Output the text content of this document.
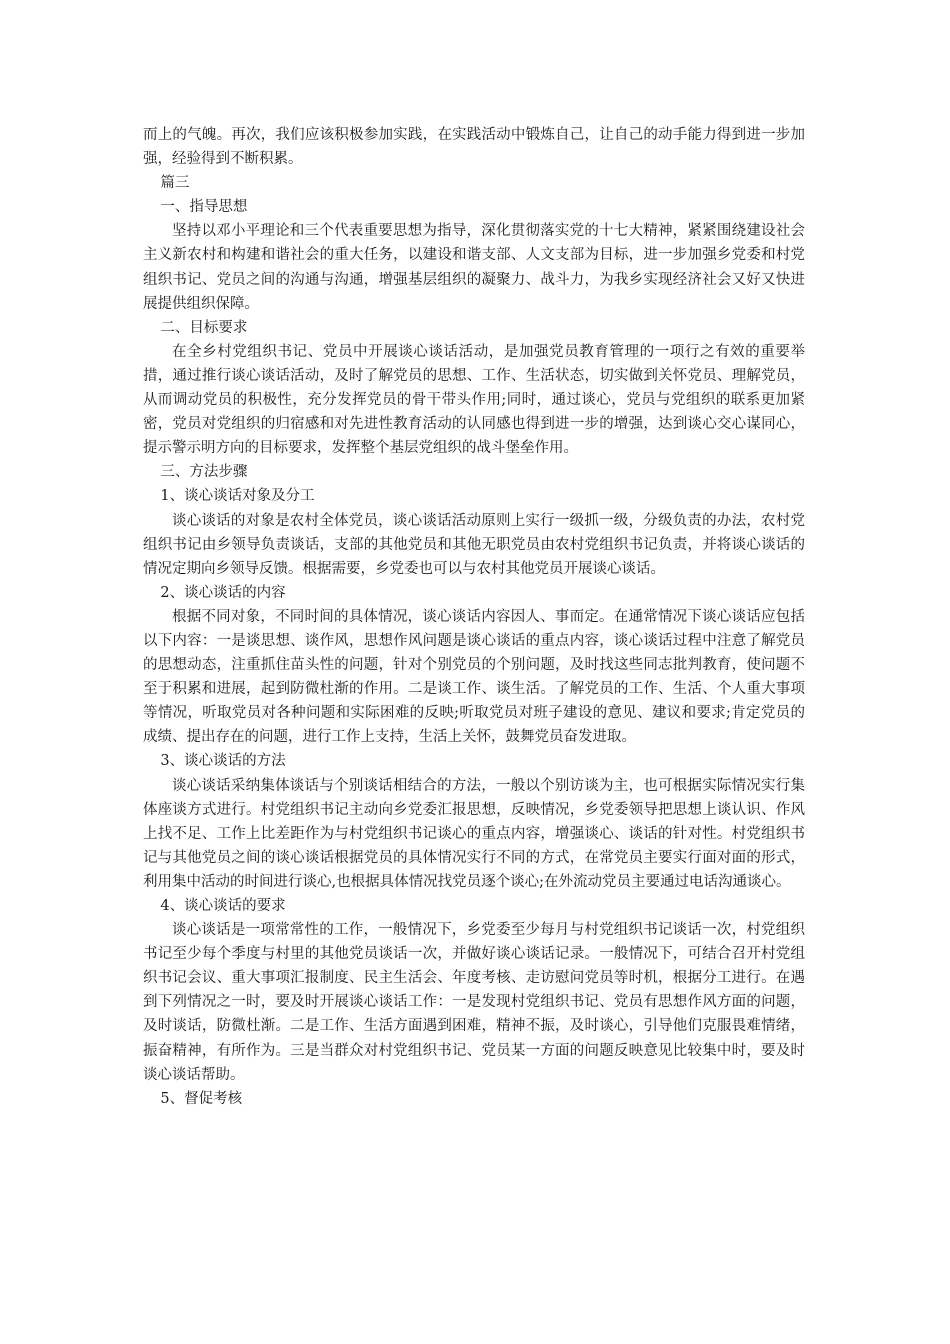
而上的气魄。再次，我们应该积极参加实践，在实践活动中锻炼自己，让自己的动手能力得到进一步加强，经验得到不断积累。

篇三

一、指导思想

坚持以邓小平理论和三个代表重要思想为指导，深化贯彻落实党的十七大精神，紧紧围绕建设社会主义新农村和构建和谐社会的重大任务，以建设和谐支部、人文支部为目标，进一步加强乡党委和村党组织书记、党员之间的沟通与沟通，增强基层组织的凝聚力、战斗力，为我乡实现经济社会又好又快进展提供组织保障。

二、目标要求

在全乡村党组织书记、党员中开展谈心谈话活动，是加强党员教育管理的一项行之有效的重要举措，通过推行谈心谈话活动，及时了解党员的思想、工作、生活状态，切实做到关怀党员、理解党员，从而调动党员的积极性，充分发挥党员的骨干带头作用;同时，通过谈心，党员与党组织的联系更加紧密，党员对党组织的归宿感和对先进性教育活动的认同感也得到进一步的增强，达到谈心交心谋同心，提示警示明方向的目标要求，发挥整个基层党组织的战斗堡垒作用。

三、方法步骤

1、谈心谈话对象及分工

谈心谈话的对象是农村全体党员，谈心谈话活动原则上实行一级抓一级，分级负责的办法，农村党组织书记由乡领导负责谈话，支部的其他党员和其他无职党员由农村党组织书记负责，并将谈心谈话的情况定期向乡领导反馈。根据需要，乡党委也可以与农村其他党员开展谈心谈话。

2、谈心谈话的内容

根据不同对象，不同时间的具体情况，谈心谈话内容因人、事而定。在通常情况下谈心谈话应包括以下内容：一是谈思想、谈作风，思想作风问题是谈心谈话的重点内容，谈心谈话过程中注意了解党员的思想动态，注重抓住苗头性的问题，针对个别党员的个别问题，及时找这些同志批判教育，使问题不至于积累和进展，起到防微杜渐的作用。二是谈工作、谈生活。了解党员的工作、生活、个人重大事项等情况，听取党员对各种问题和实际困难的反映;听取党员对班子建设的意见、建议和要求;肯定党员的成绩、提出存在的问题，进行工作上支持，生活上关怀，鼓舞党员奋发进取。

3、谈心谈话的方法

谈心谈话采纳集体谈话与个别谈话相结合的方法，一般以个别访谈为主，也可根据实际情况实行集体座谈方式进行。村党组织书记主动向乡党委汇报思想，反映情况，乡党委领导把思想上谈认识、作风上找不足、工作上比差距作为与村党组织书记谈心的重点内容，增强谈心、谈话的针对性。村党组织书记与其他党员之间的谈心谈话根据党员的具体情况实行不同的方式，在常党员主要实行面对面的形式，利用集中活动的时间进行谈心,也根据具体情况找党员逐个谈心;在外流动党员主要通过电话沟通谈心。

4、谈心谈话的要求

谈心谈话是一项常常性的工作，一般情况下，乡党委至少每月与村党组织书记谈话一次，村党组织书记至少每个季度与村里的其他党员谈话一次，并做好谈心谈话记录。一般情况下，可结合召开村党组织书记会议、重大事项汇报制度、民主生活会、年度考核、走访慰问党员等时机，根据分工进行。在遇到下列情况之一时，要及时开展谈心谈话工作：一是发现村党组织书记、党员有思想作风方面的问题，及时谈话，防微杜渐。二是工作、生活方面遇到困难，精神不振，及时谈心，引导他们克服畏难情绪，振奋精神，有所作为。三是当群众对村党组织书记、党员某一方面的问题反映意见比较集中时，要及时谈心谈话帮助。

5、督促考核
